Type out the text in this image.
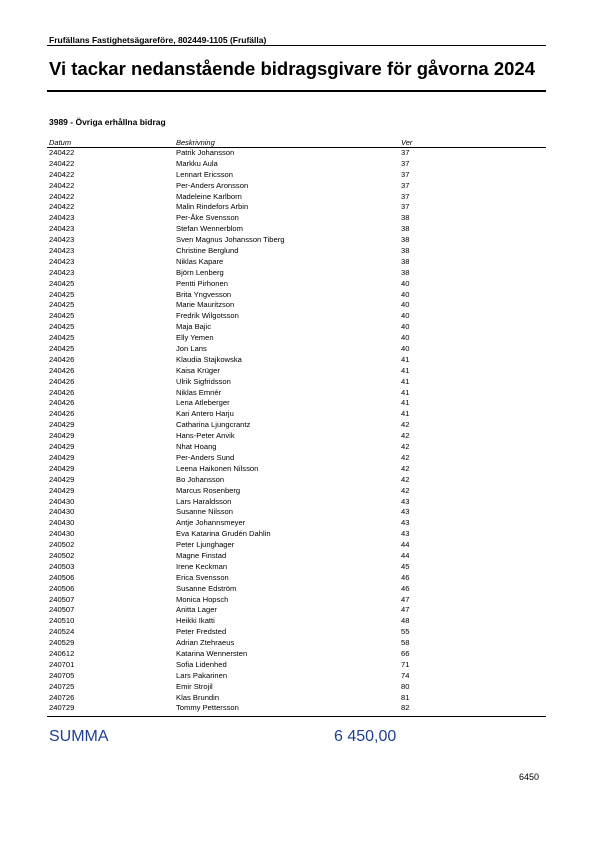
Frufällans Fastighetsägareföre, 802449-1105 (Frufälla)
Vi tackar nedanstående bidragsgivare för gåvorna 2024
3989 - Övriga erhållna bidrag
Datum	Beskrivning	Ver
240422	Patrik Johansson	37
240422	Markku Aula	37
240422	Lennart Ericsson	37
240422	Per-Anders Aronsson	37
240422	Madeleine Karlborn	37
240422	Malin Rindefors Arbin	37
240423	Per-Åke Svensson	38
240423	Stefan Wennerblom	38
240423	Sven Magnus Johansson Tiberg	38
240423	Christine Berglund	38
240423	Niklas Kapare	38
240423	Björn Lenberg	38
240425	Pentti Pirhonen	40
240425	Brita Yngvesson	40
240425	Marie Mauritzson	40
240425	Fredrik Wilgotsson	40
240425	Maja Bajic	40
240425	Elly Yemen	40
240425	Jon Lans	40
240426	Klaudia Stajkowska	41
240426	Kaisa Krüger	41
240426	Ulrik Sigfridsson	41
240426	Niklas Emnér	41
240426	Lena Atleberger	41
240426	Kari Antero Harju	41
240429	Catharina Ljungcrantz	42
240429	Hans-Peter Anvik	42
240429	Nhat Hoang	42
240429	Per-Anders Sund	42
240429	Leena Haikonen Nilsson	42
240429	Bo Johansson	42
240429	Marcus Rosenberg	42
240430	Lars Haraldsson	43
240430	Susanne Nilsson	43
240430	Antje Johannsmeyer	43
240430	Eva Katarina Grudén Dahlin	43
240502	Peter Ljunghager	44
240502	Magne Finstad	44
240503	Irene Keckman	45
240506	Erica Svensson	46
240506	Susanne Edström	46
240507	Monica Hopsch	47
240507	Anitta Lager	47
240510	Heikki Ikatti	48
240524	Peter Fredsted	55
240529	Adrian Ztehraeus	58
240612	Katarina Wennersten	66
240701	Sofia Lidenhed	71
240705	Lars Pakarinen	74
240725	Emir Strojil	80
240726	Klas Brundin	81
240729	Tommy Pettersson	82
SUMMA	6 450,00
6450
